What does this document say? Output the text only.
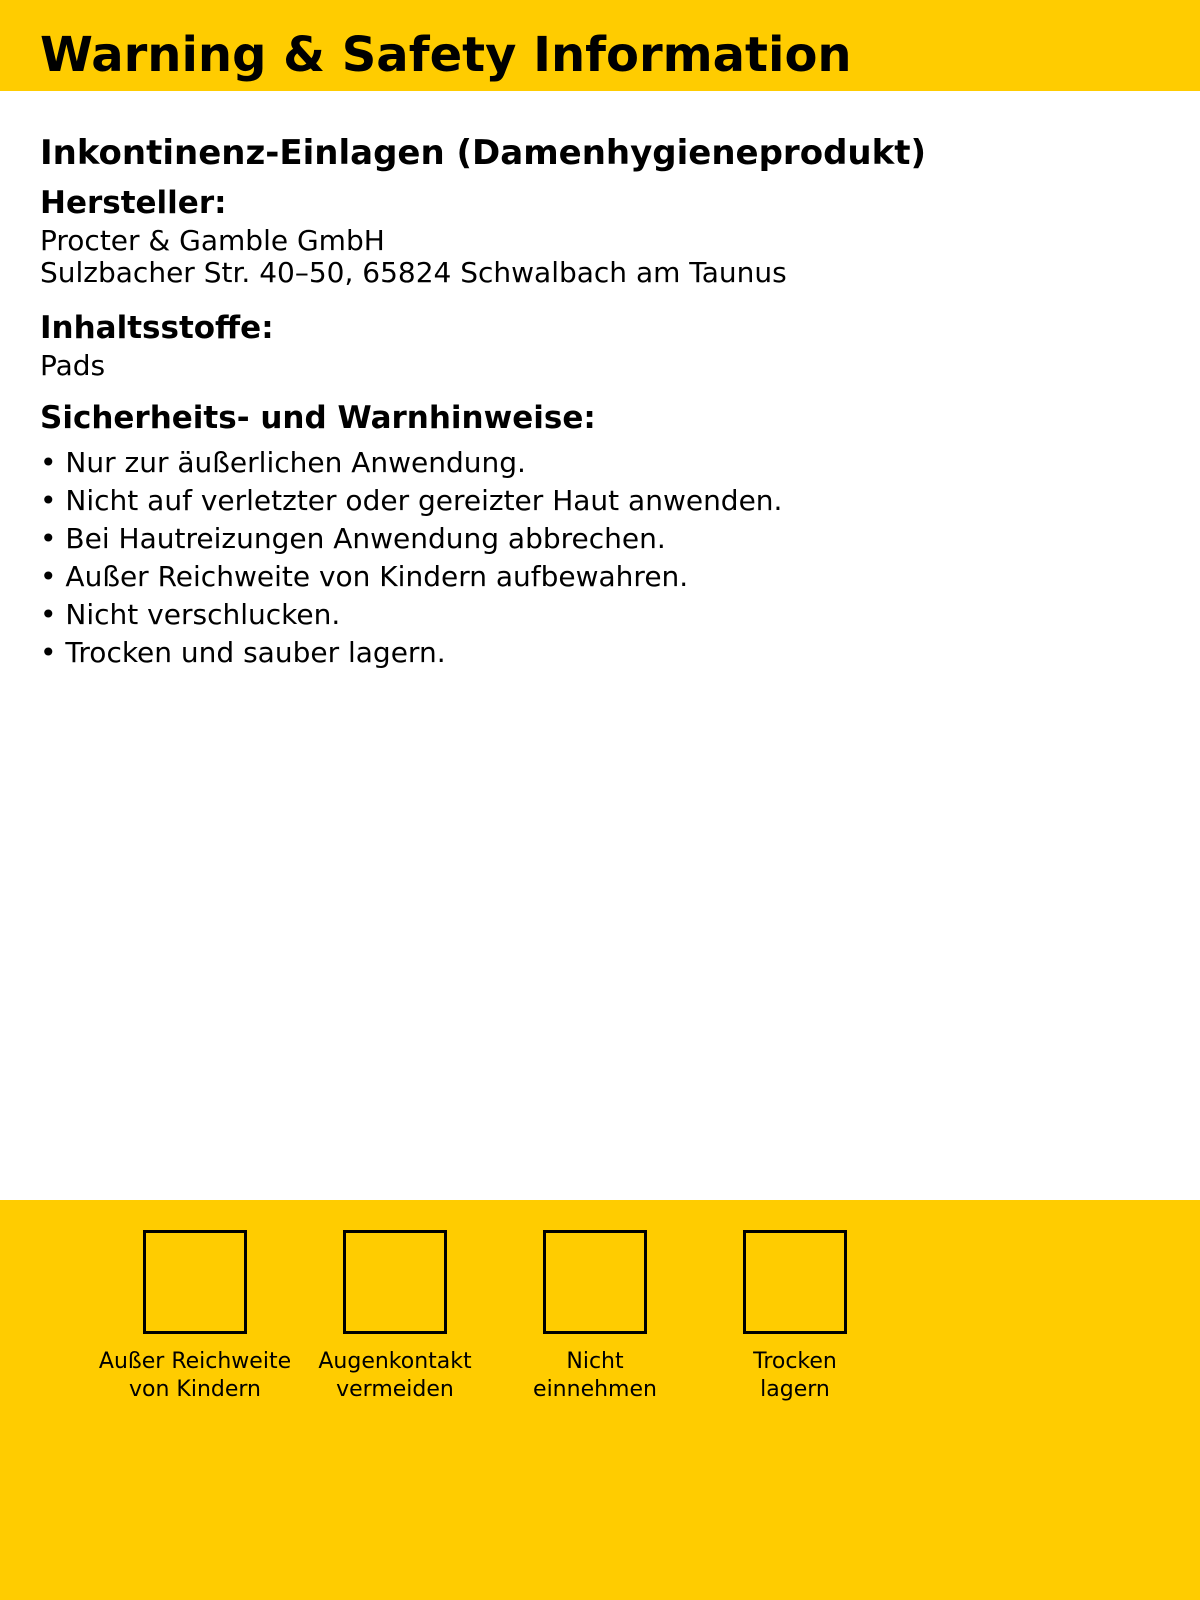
Warning & Safety Information
Inkontinenz-Einlagen (Damenhygieneprodukt)
Hersteller:

Procter & Gamble GmbH

Sulzbacher Str. 40–50, 65824 Schwalbach am Taunus

Inhaltsstoffe:

Pads

Sicherheits- und Warnhinweise:
• Nur zur äußerlichen Anwendung.
• Nicht auf verletzter oder gereizter Haut anwenden.
• Bei Hautreizungen Anwendung abbrechen.
• Außer Reichweite von Kindern aufbewahren.
• Nicht verschlucken.
• Trocken und sauber lagern.
Außer Reichweite
von Kindern
Augenkontakt
vermeiden
Nicht
einnehmen
Trocken
lagern
